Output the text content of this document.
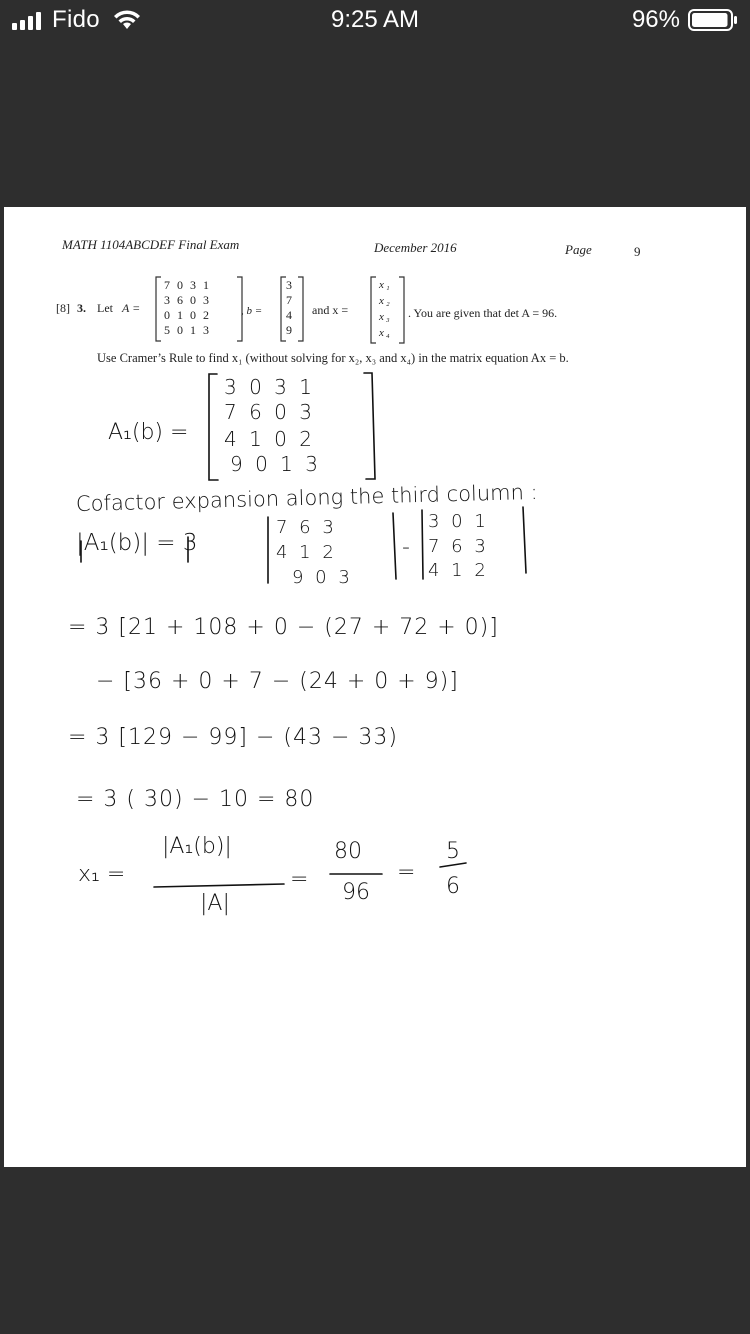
Fido	9:25 AM	96%
MATH 1104ABCDEF Final Exam	December 2016	Page	9
[8] 3. Let A =
7 0 3 1
3 6 0 3
0 1 0 2
5 0 1 3
, b =
3
7
4
9
and x =
x₁
x₂
x₃
x₄
. You are given that det A = 96.
Use Cramer’s Rule to find x₁ (without solving for x₂, x₃ and x₄) in the matrix equation Ax = b.
A₁(b) =
3 0 3 1
7 6 0 3
4 1 0 2
9 0 1 3
Cofactor expansion along the third column :
|A₁(b)| = 3
7 6 3
4 1 2
9 0 3
-
3 0 1
7 6 3
4 1 2
= 3 [21 + 108 + 0 − (27 + 72 + 0)]
− [36 + 0 + 7 − (24 + 0 + 9)]
= 3 [129 − 99] − (43 − 33)
= 3 ( 30) − 10 = 80
x₁ =
|A₁(b)|
|A|
=
80
96
=
5
6
